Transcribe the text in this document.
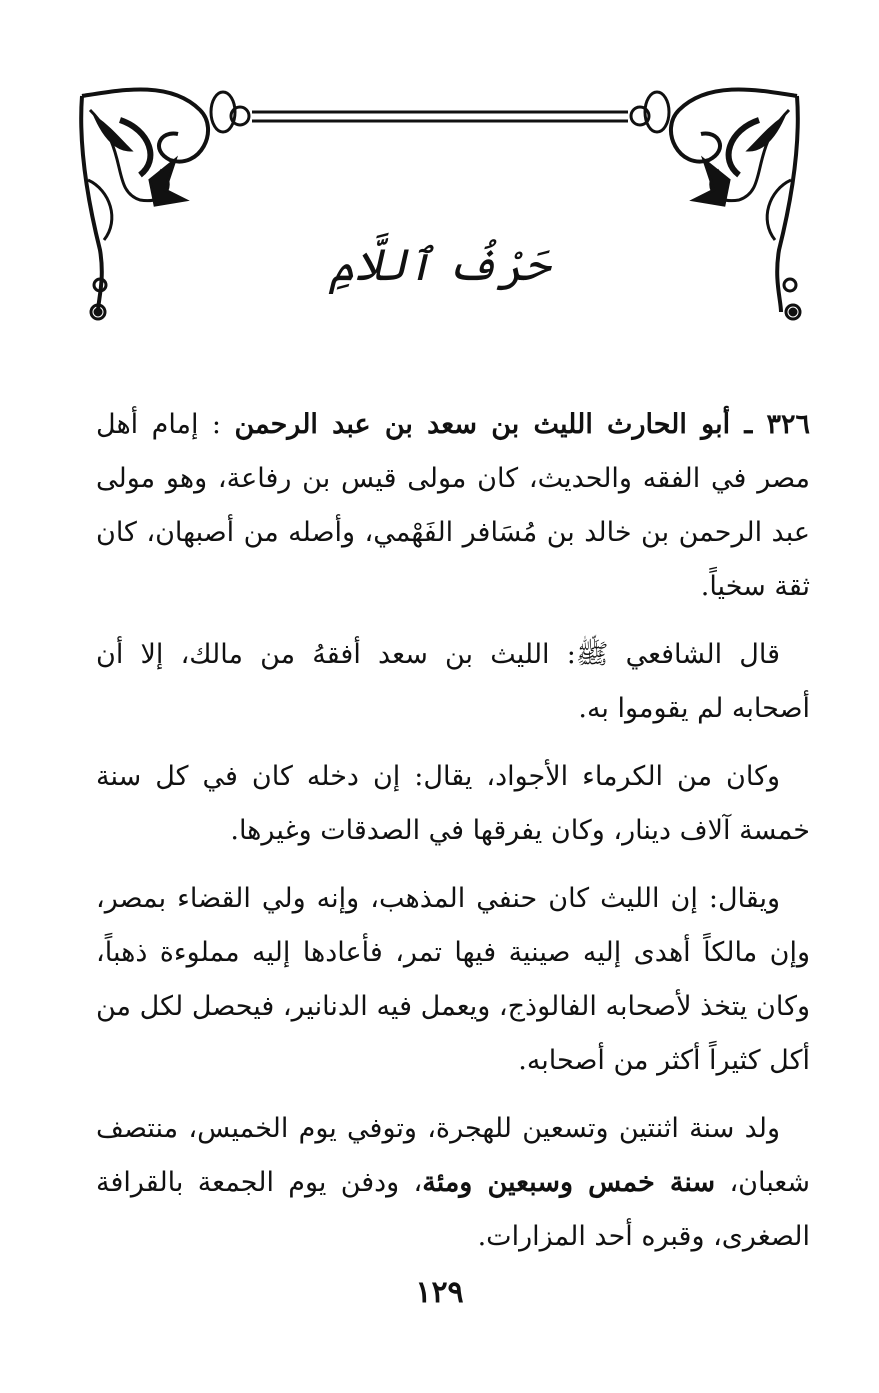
حَرْفُ ٱللَّامِ

٣٢٦ ـ أبو الحارث الليث بن سعد بن عبد الرحمن : إمام أهل مصر في الفقه والحديث، كان مولى قيس بن رفاعة، وهو مولى عبد الرحمن بن خالد بن مُسَافر الفَهْمي، وأصله من أصبهان، كان ثقة سخياً.

قال الشافعي ﷺ: الليث بن سعد أفقهُ من مالك، إلا أن أصحابه لم يقوموا به.

وكان من الكرماء الأجواد، يقال: إن دخله كان في كل سنة خمسة آلاف دينار، وكان يفرقها في الصدقات وغيرها.

ويقال: إن الليث كان حنفي المذهب، وإنه ولي القضاء بمصر، وإن مالكاً أهدى إليه صينية فيها تمر، فأعادها إليه مملوءة ذهباً، وكان يتخذ لأصحابه الفالوذج، ويعمل فيه الدنانير، فيحصل لكل من أكل كثيراً أكثر من أصحابه.

ولد سنة اثنتين وتسعين للهجرة، وتوفي يوم الخميس، منتصف شعبان، سنة خمس وسبعين ومئة، ودفن يوم الجمعة بالقرافة الصغرى، وقبره أحد المزارات.

١٢٩
